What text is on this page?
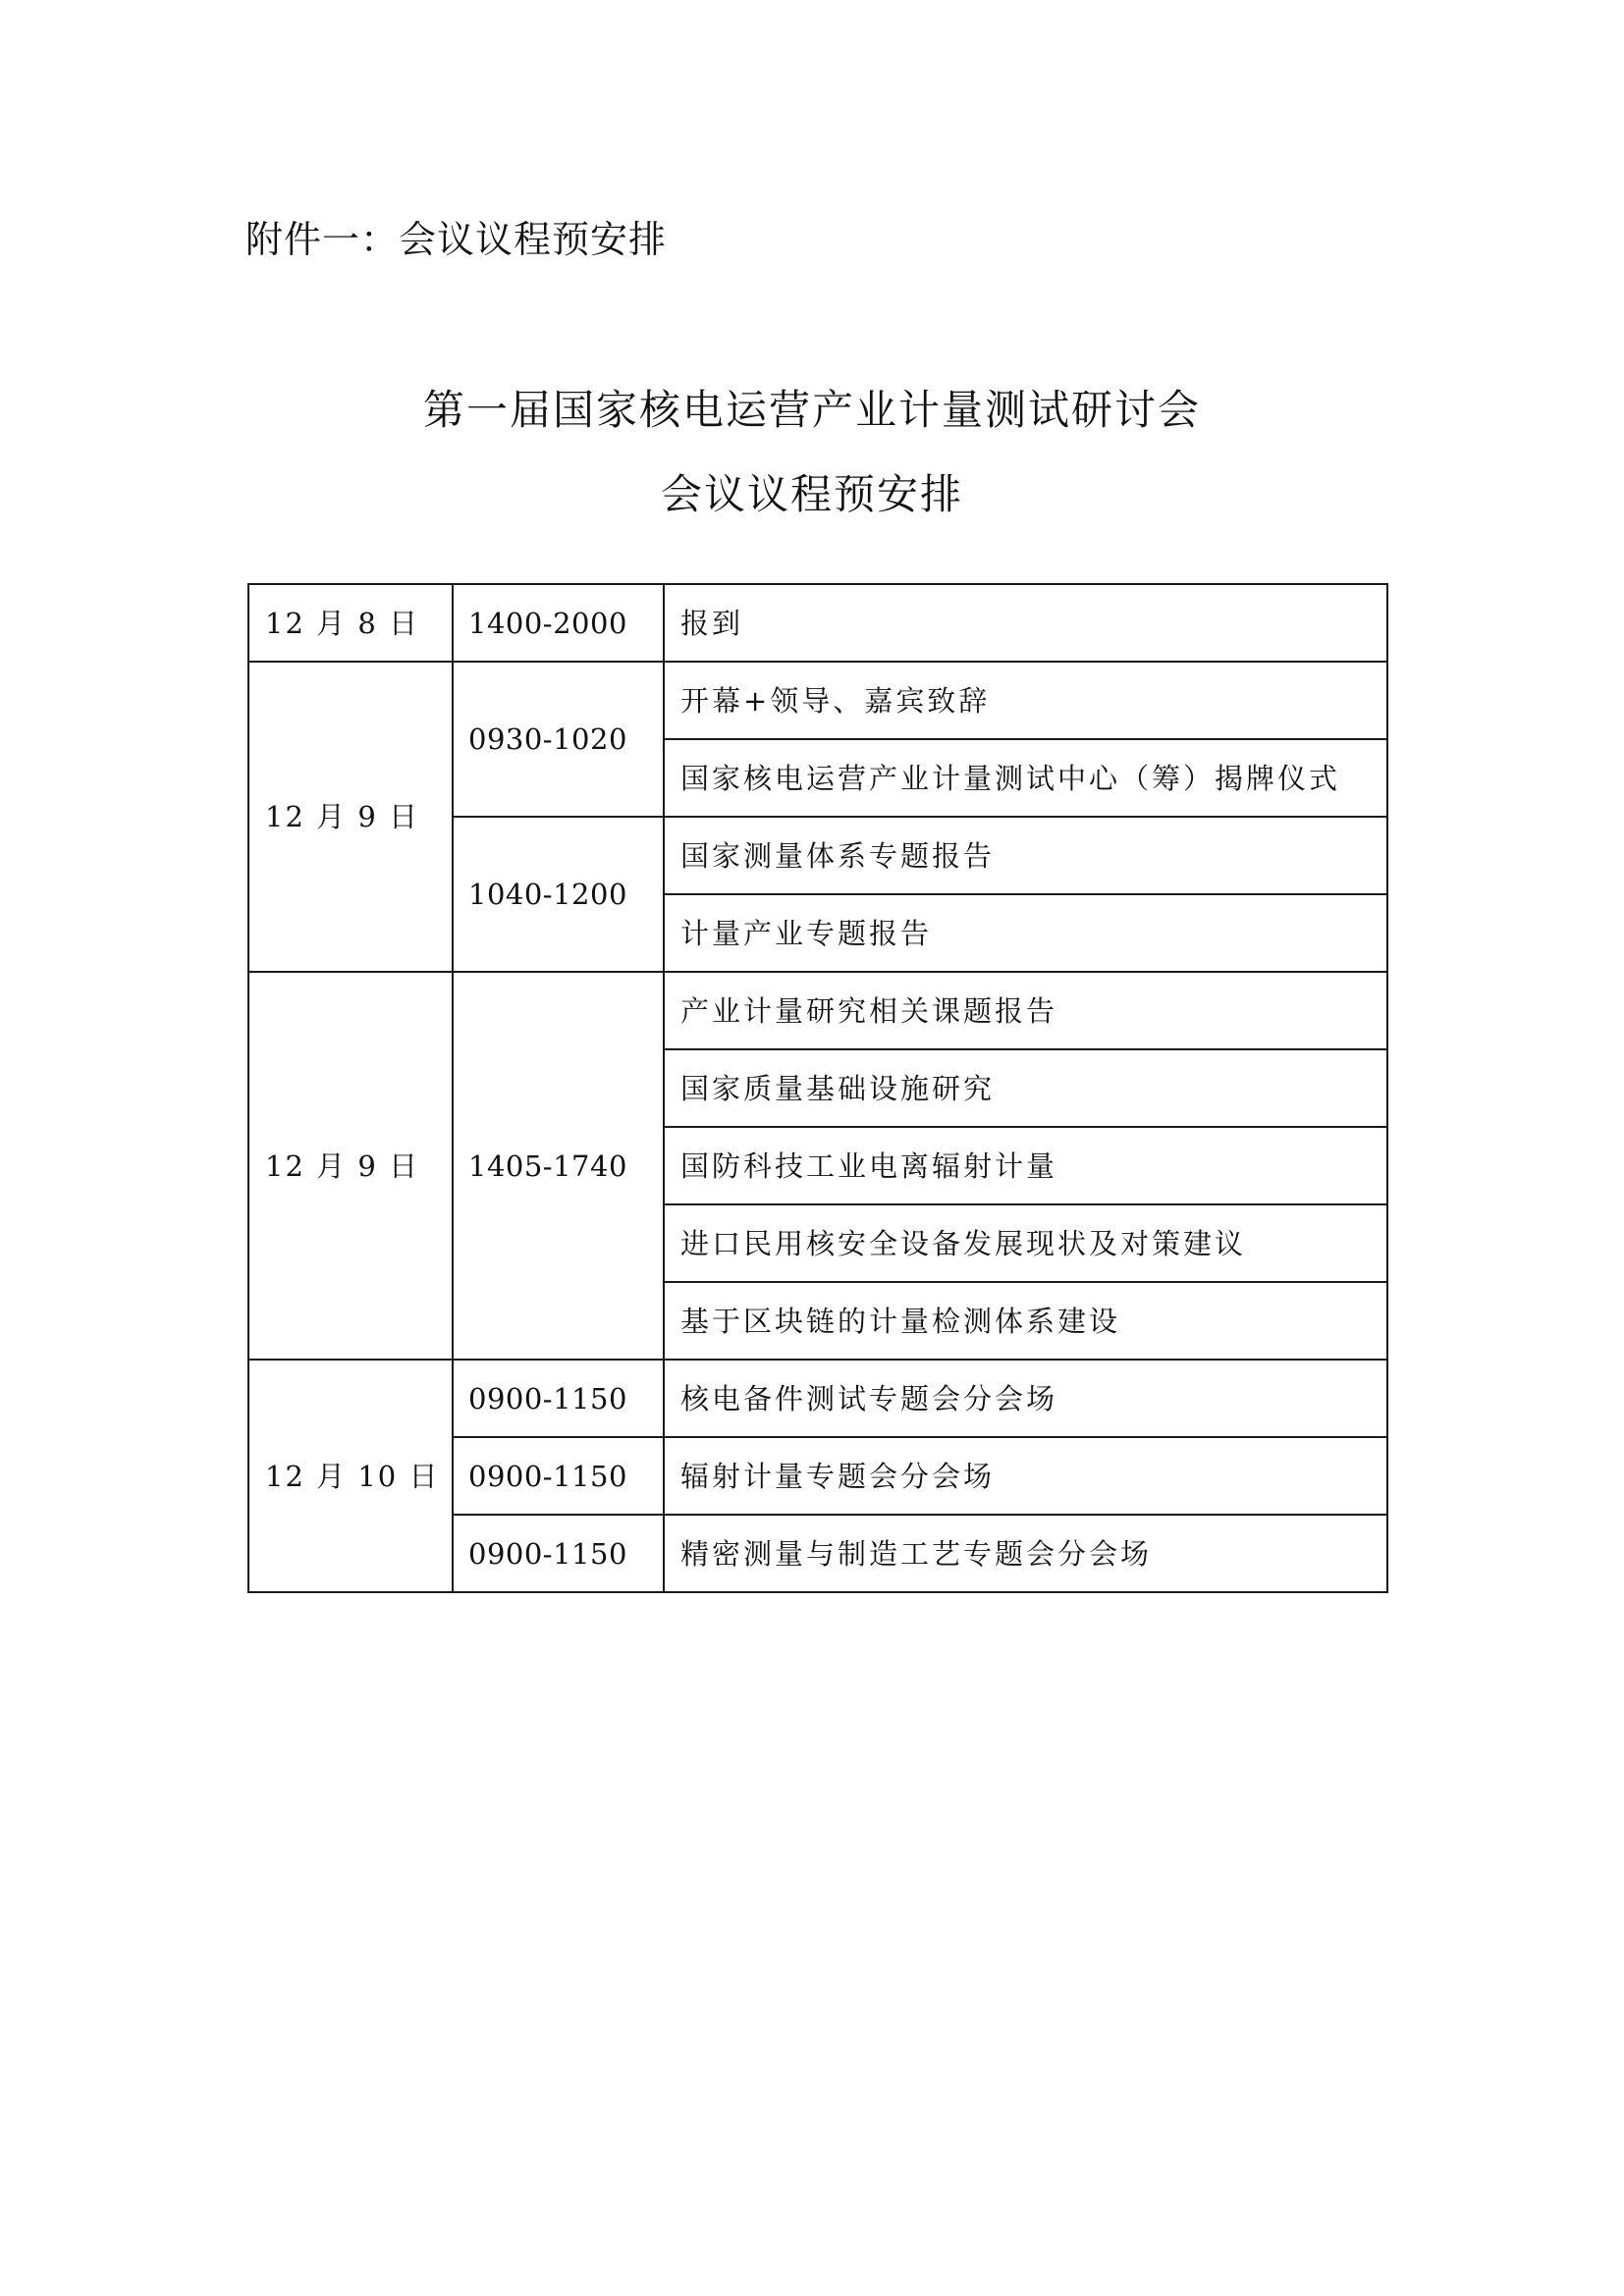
附件一：会议议程预安排
第一届国家核电运营产业计量测试研讨会
会议议程预安排
12 月 8 日	1400-2000	报到
12 月 9 日	0930-1020	开幕+领导、嘉宾致辞
		国家核电运营产业计量测试中心（筹）揭牌仪式
	1040-1200	国家测量体系专题报告
		计量产业专题报告
12 月 9 日	1405-1740	产业计量研究相关课题报告
		国家质量基础设施研究
		国防科技工业电离辐射计量
		进口民用核安全设备发展现状及对策建议
		基于区块链的计量检测体系建设
12 月 10 日	0900-1150	核电备件测试专题会分会场
	0900-1150	辐射计量专题会分会场
	0900-1150	精密测量与制造工艺专题会分会场
